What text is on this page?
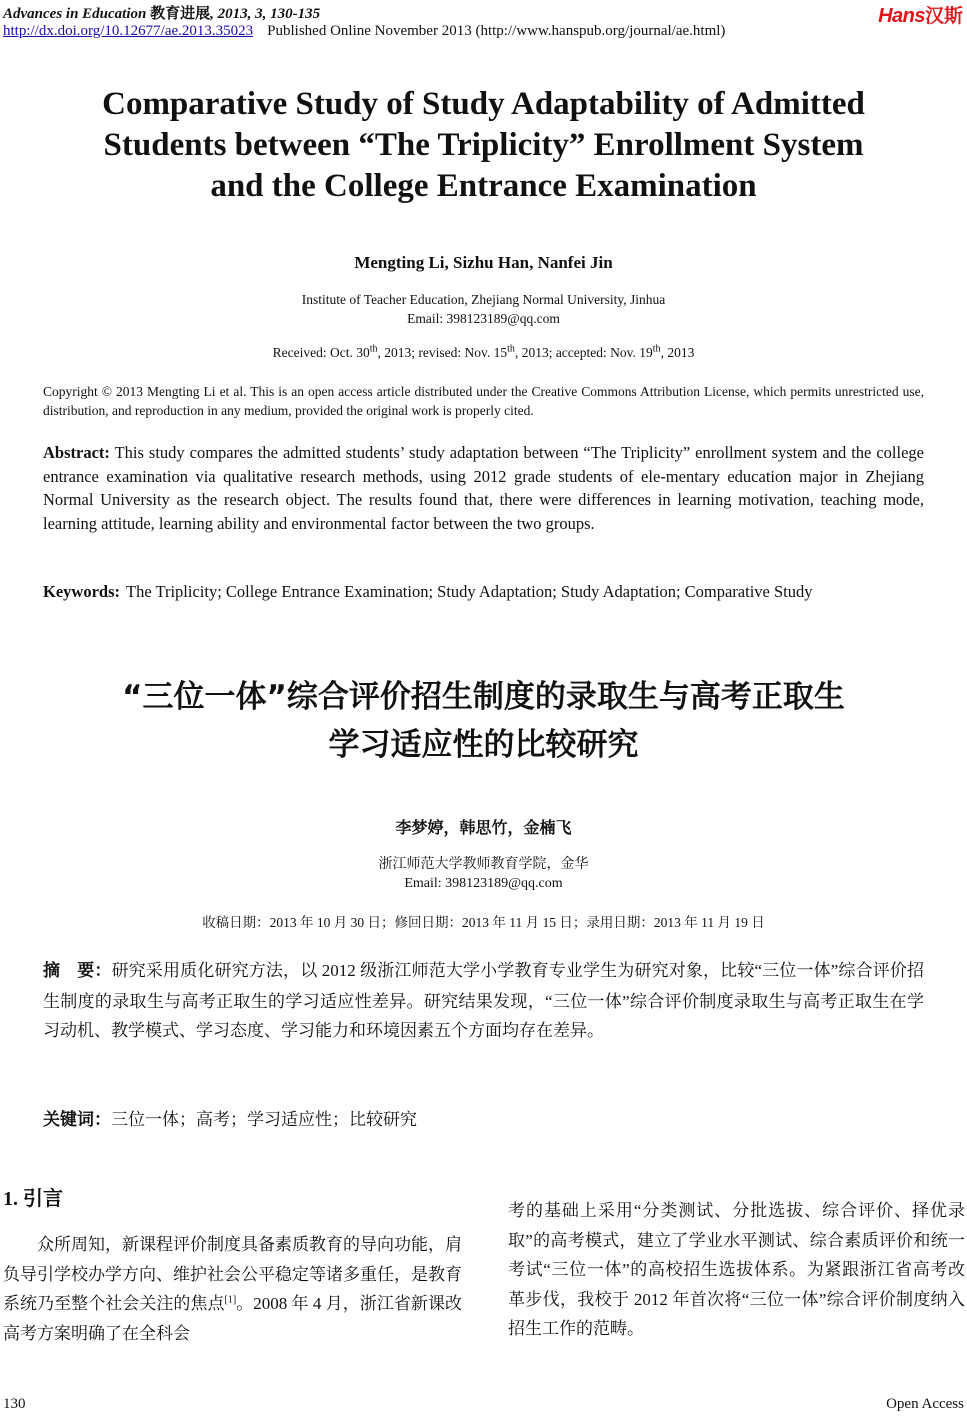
Advances in Education 教育进展, 2013, 3, 130-135
http://dx.doi.org/10.12677/ae.2013.35023 Published Online November 2013 (http://www.hanspub.org/journal/ae.html)
Hans汉斯
Comparative Study of Study Adaptability of Admitted
Students between “The Triplicity” Enrollment System
and the College Entrance Examination
Mengting Li, Sizhu Han, Nanfei Jin
Institute of Teacher Education, Zhejiang Normal University, Jinhua
Email: 398123189@qq.com
Received: Oct. 30th, 2013; revised: Nov. 15th, 2013; accepted: Nov. 19th, 2013
Copyright © 2013 Mengting Li et al. This is an open access article distributed under the Creative Commons Attribution License, which permits unrestricted use, distribution, and reproduction in any medium, provided the original work is properly cited.
Abstract: This study compares the admitted students’ study adaptation between “The Triplicity” enrollment system and the college entrance examination via qualitative research methods, using 2012 grade students of ele-mentary education major in Zhejiang Normal University as the research object. The results found that, there were differences in learning motivation, teaching mode, learning attitude, learning ability and environmental factor between the two groups.
Keywords: The Triplicity; College Entrance Examination; Study Adaptation; Study Adaptation; Comparative Study
“三位一体”综合评价招生制度的录取生与高考正取生
学习适应性的比较研究
李梦婷，韩思竹，金楠飞
浙江师范大学教师教育学院，金华
Email: 398123189@qq.com
收稿日期：2013 年 10 月 30 日；修回日期：2013 年 11 月 15 日；录用日期：2013 年 11 月 19 日
摘　要：研究采用质化研究方法，以 2012 级浙江师范大学小学教育专业学生为研究对象，比较“三位一体”综合评价招生制度的录取生与高考正取生的学习适应性差异。研究结果发现，“三位一体”综合评价制度录取生与高考正取生在学习动机、教学模式、学习态度、学习能力和环境因素五个方面均存在差异。
关键词：三位一体；高考；学习适应性；比较研究
1. 引言

众所周知，新课程评价制度具备素质教育的导向功能，肩负导引学校办学方向、维护社会公平稳定等诸多重任，是教育系统乃至整个社会关注的焦点[1]。2008 年 4 月，浙江省新课改高考方案明确了在全科会

考的基础上采用“分类测试、分批选拔、综合评价、择优录取”的高考模式，建立了学业水平测试、综合素质评价和统一考试“三位一体”的高校招生选拔体系。为紧跟浙江省高考改革步伐，我校于 2012 年首次将“三位一体”综合评价制度纳入招生工作的范畴。

130	Open Access
